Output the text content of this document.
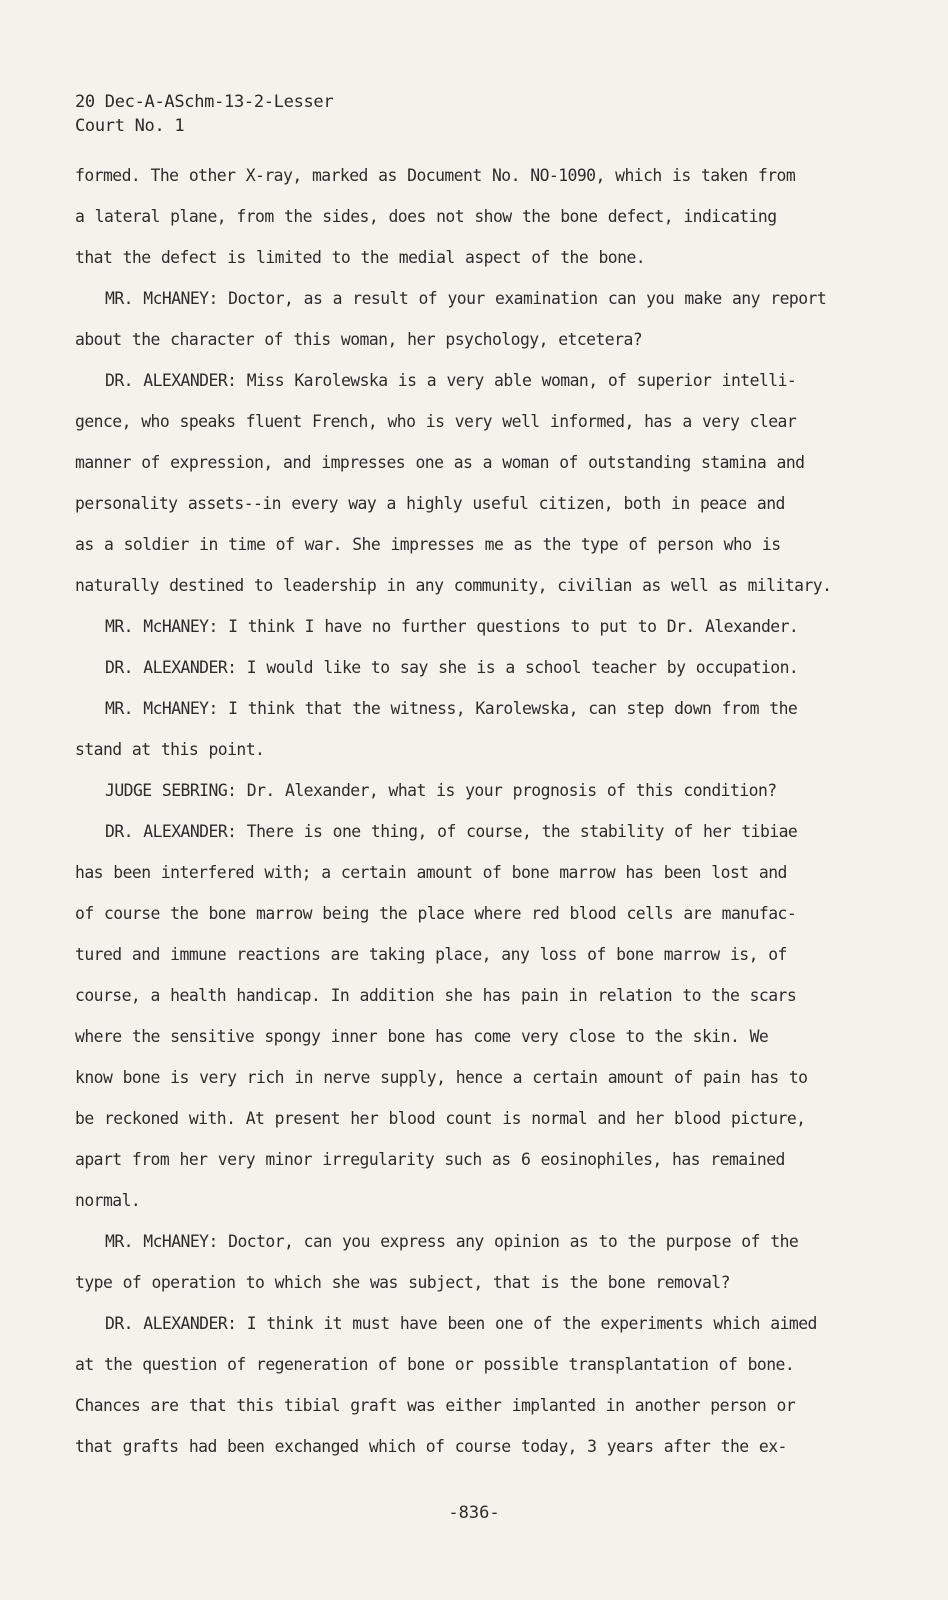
20 Dec-A-ASchm-13-2-Lesser
Court No. 1
formed. The other X-ray, marked as Document No. NO-1090, which is taken from
a lateral plane, from the sides, does not show the bone defect, indicating
that the defect is limited to the medial aspect of the bone.
MR. McHANEY: Doctor, as a result of your examination can you make any report
about the character of this woman, her psychology, etcetera?
DR. ALEXANDER: Miss Karolewska is a very able woman, of superior intelli-
gence, who speaks fluent French, who is very well informed, has a very clear
manner of expression, and impresses one as a woman of outstanding stamina and
personality assets--in every way a highly useful citizen, both in peace and
as a soldier in time of war. She impresses me as the type of person who is
naturally destined to leadership in any community, civilian as well as military.
MR. McHANEY: I think I have no further questions to put to Dr. Alexander.
DR. ALEXANDER: I would like to say she is a school teacher by occupation.
MR. McHANEY: I think that the witness, Karolewska, can step down from the
stand at this point.
JUDGE SEBRING: Dr. Alexander, what is your prognosis of this condition?
DR. ALEXANDER: There is one thing, of course, the stability of her tibiae
has been interfered with; a certain amount of bone marrow has been lost and
of course the bone marrow being the place where red blood cells are manufac-
tured and immune reactions are taking place, any loss of bone marrow is, of
course, a health handicap. In addition she has pain in relation to the scars
where the sensitive spongy inner bone has come very close to the skin. We
know bone is very rich in nerve supply, hence a certain amount of pain has to
be reckoned with. At present her blood count is normal and her blood picture,
apart from her very minor irregularity such as 6 eosinophiles, has remained
normal.
MR. McHANEY: Doctor, can you express any opinion as to the purpose of the
type of operation to which she was subject, that is the bone removal?
DR. ALEXANDER: I think it must have been one of the experiments which aimed
at the question of regeneration of bone or possible transplantation of bone.
Chances are that this tibial graft was either implanted in another person or
that grafts had been exchanged which of course today, 3 years after the ex-
-836-
